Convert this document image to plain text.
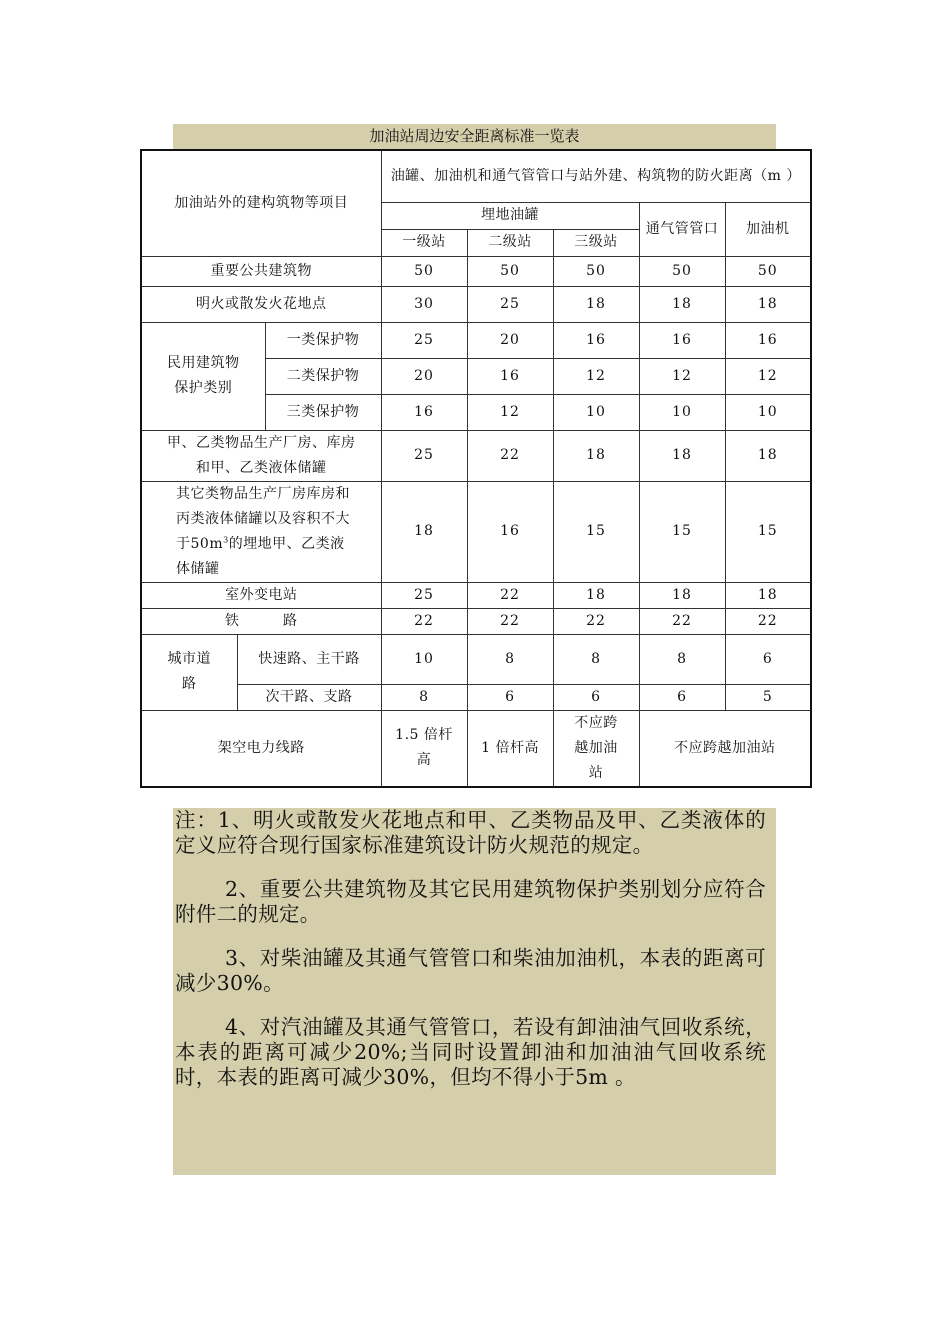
加油站周边安全距离标准一览表
加油站外的建构筑物等项目			油罐、加油机和通气管管口与站外建、构筑物的防火距离（m ）				
			埋地油罐			通气管管口	加油机
			一级站	二级站	三级站		
重要公共建筑物			50	50	50	50	50
明火或散发火花地点			30	25	18	18	18
民用建筑物保护类别		一类保护物	25	20	16	16	16
		二类保护物	20	16	12	12	12
		三类保护物	16	12	10	10	10
甲、乙类物品生产厂房、库房和甲、乙类液体储罐			25	22	18	18	18
其它类物品生产厂房库房和丙类液体储罐以及容积不大于$50m^3$的埋地甲、乙类液体储罐			18	16	15	15	15
室外变电站			25	22	18	18	18
铁　　　路			22	22	22	22	22
城市道路	快速路、主干路		10	8	8	8	6
	次干路、支路		8	6	6	6	5
架空电力线路			1.5 倍杆高	1 倍杆高	不应跨越加油站	不应跨越加油站	

注：1、明火或散发火花地点和甲、乙类物品及甲、乙类液体的定义应符合现行国家标准建筑设计防火规范的规定。

2、重要公共建筑物及其它民用建筑物保护类别划分应符合附件二的规定。

3、对柴油罐及其通气管管口和柴油加油机，本表的距离可减少30%。

4、对汽油罐及其通气管管口，若设有卸油油气回收系统，本表的距离可减少20%;当同时设置卸油和加油油气回收系统时，本表的距离可减少30%，但均不得小于5m 。
